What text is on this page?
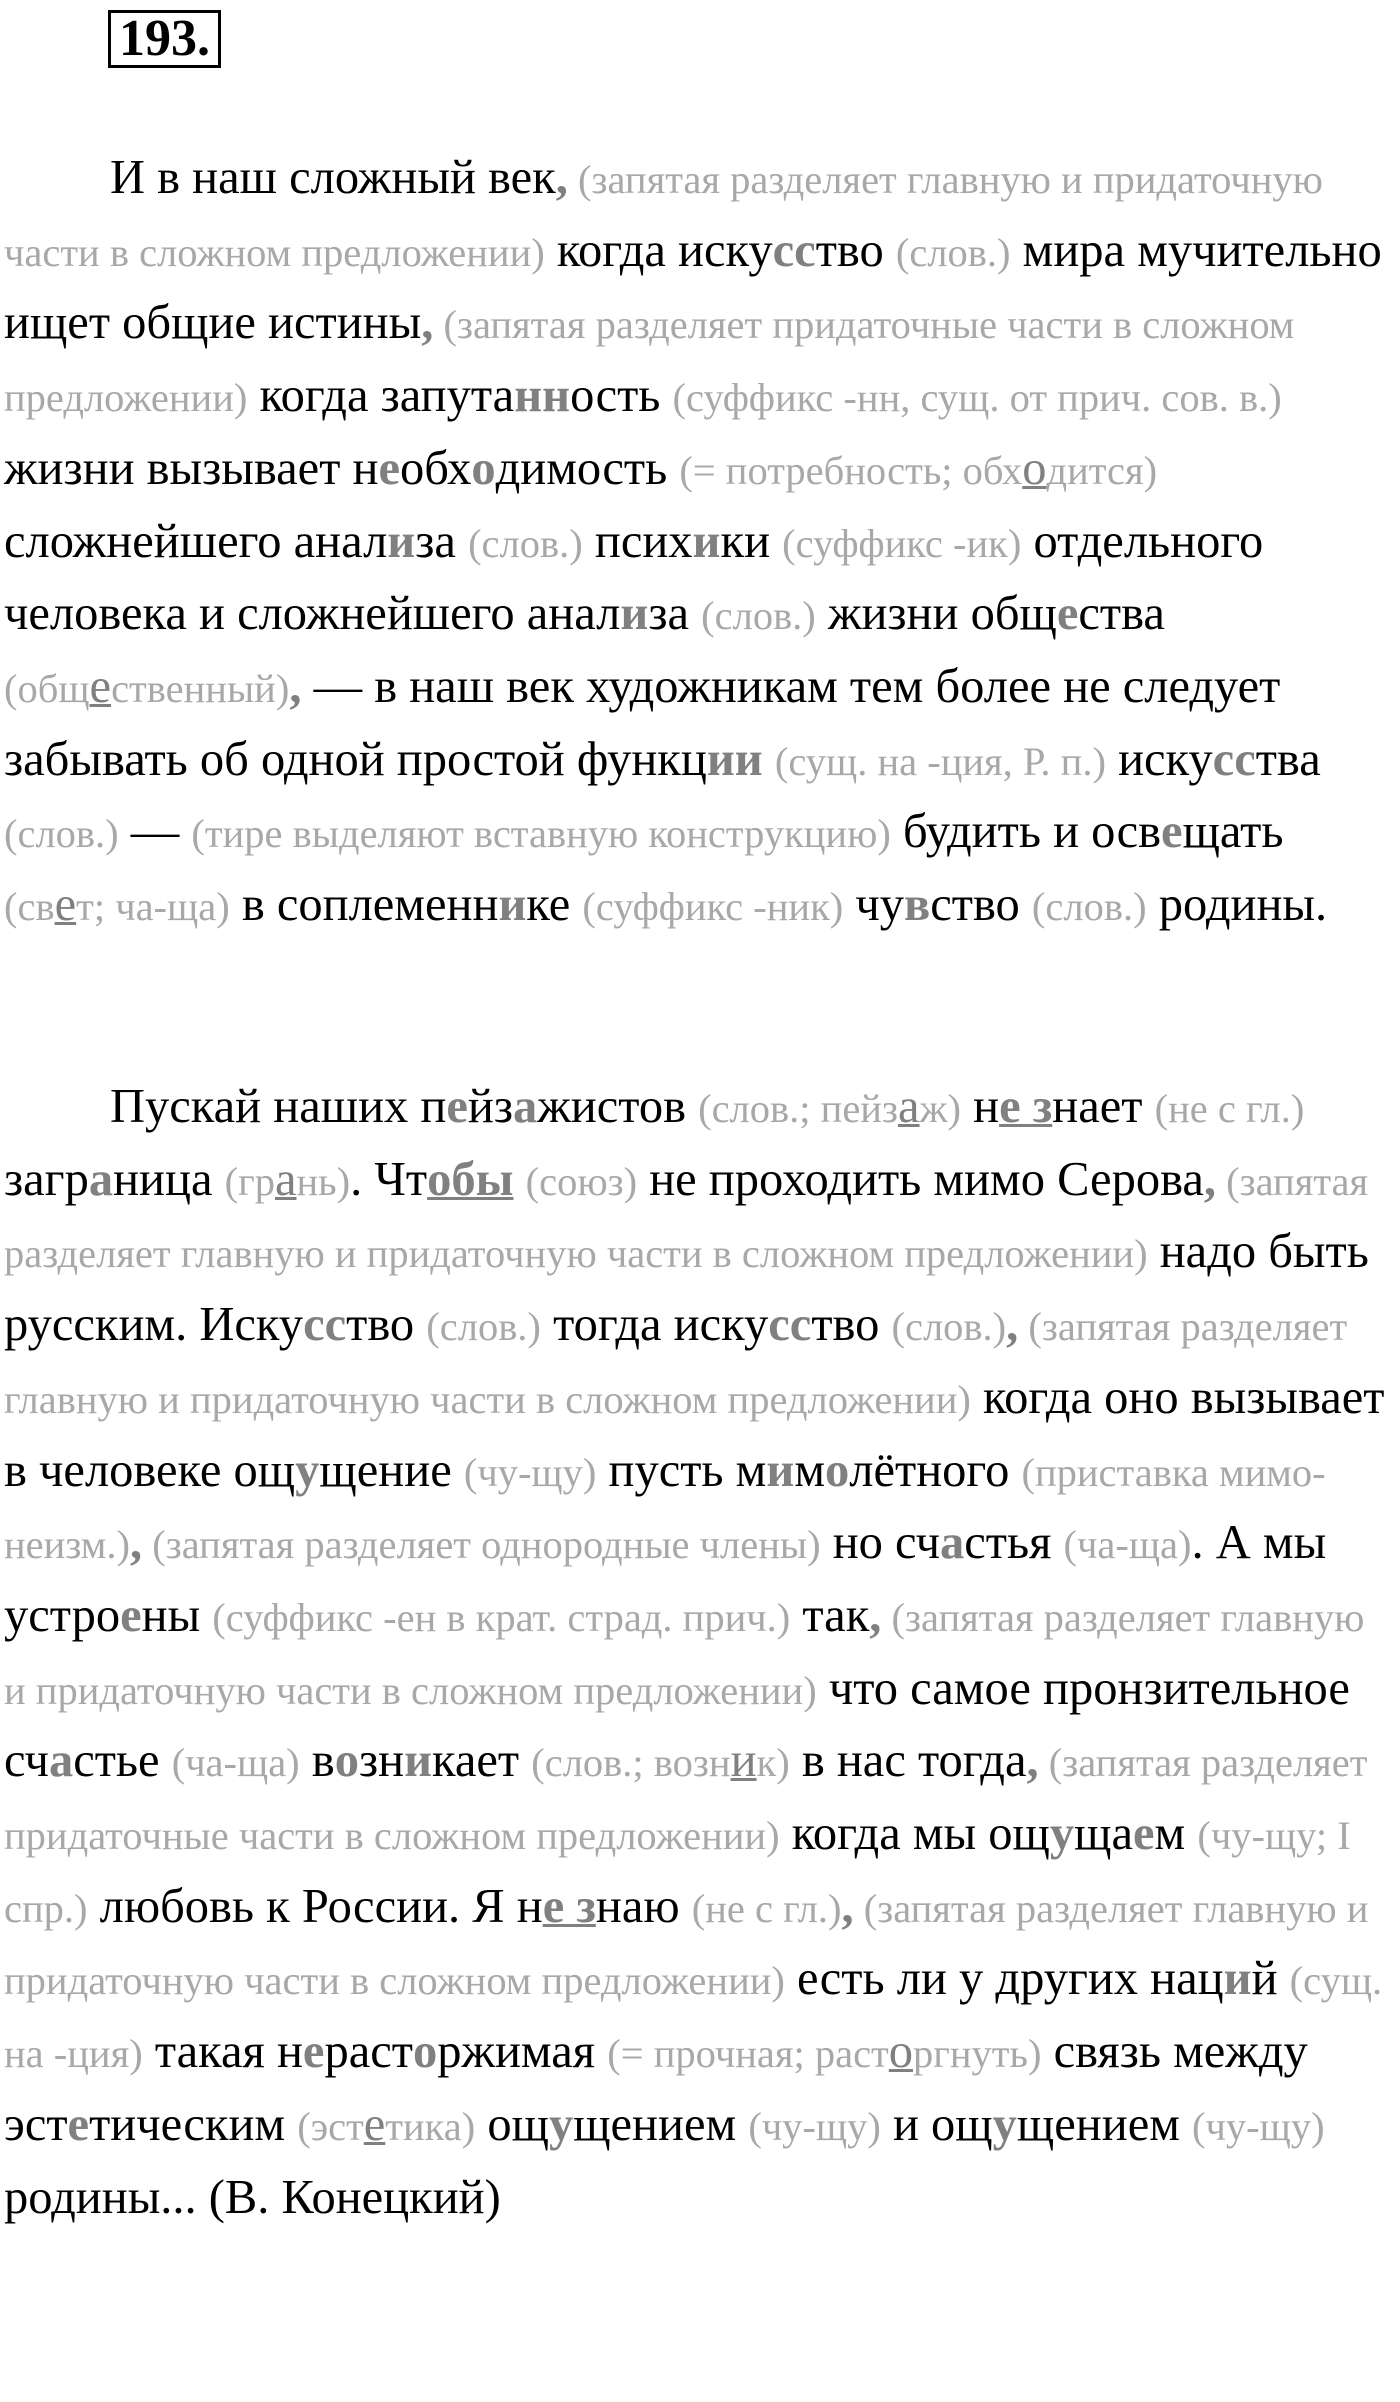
193.

И в наш сложный век, (запятая разделяет главную и придаточную части в сложном предложении) когда искусство (слов.) мира мучительно ищет общие истины, (запятая разделяет придаточные части в сложном предложении) когда запутанность (суффикс -нн, сущ. от прич. сов. в.) жизни вызывает необходимость (= потребность; обходится) сложнейшего анализа (слов.) психики (суффикс -ик) отдельного человека и сложнейшего анализа (слов.) жизни общества (общественный), — в наш век художникам тем более не следует забывать об одной простой функции (сущ. на -ция, Р. п.) искусства (слов.) — (тире выделяют вставную конструкцию) будить и освещать (свет; ча-ща) в соплеменнике (суффикс -ник) чувство (слов.) родины.

Пускай наших пейзажистов (слов.; пейзаж) не знает (не с гл.) заграница (грань). Чтобы (союз) не проходить мимо Серова, (запятая разделяет главную и придаточную части в сложном предложении) надо быть русским. Искусство (слов.) тогда искусство (слов.), (запятая разделяет главную и придаточную части в сложном предложении) когда оно вызывает в человеке ощущение (чу-щу) пусть мимолётного (приставка мимо- неизм.), (запятая разделяет однородные члены) но счастья (ча-ща). А мы устроены (суффикс -ен в крат. страд. прич.) так, (запятая разделяет главную и придаточную части в сложном предложении) что самое пронзительное счастье (ча-ща) возникает (слов.; возник) в нас тогда, (запятая разделяет придаточные части в сложном предложении) когда мы ощущаем (чу-щу; I спр.) любовь к России. Я не знаю (не с гл.), (запятая разделяет главную и придаточную части в сложном предложении) есть ли у других наций (сущ. на -ция) такая нерасторжимая (= прочная; расторгнуть) связь между эстетическим (эстетика) ощущением (чу-щу) и ощущением (чу-щу) родины... (В. Конецкий)
